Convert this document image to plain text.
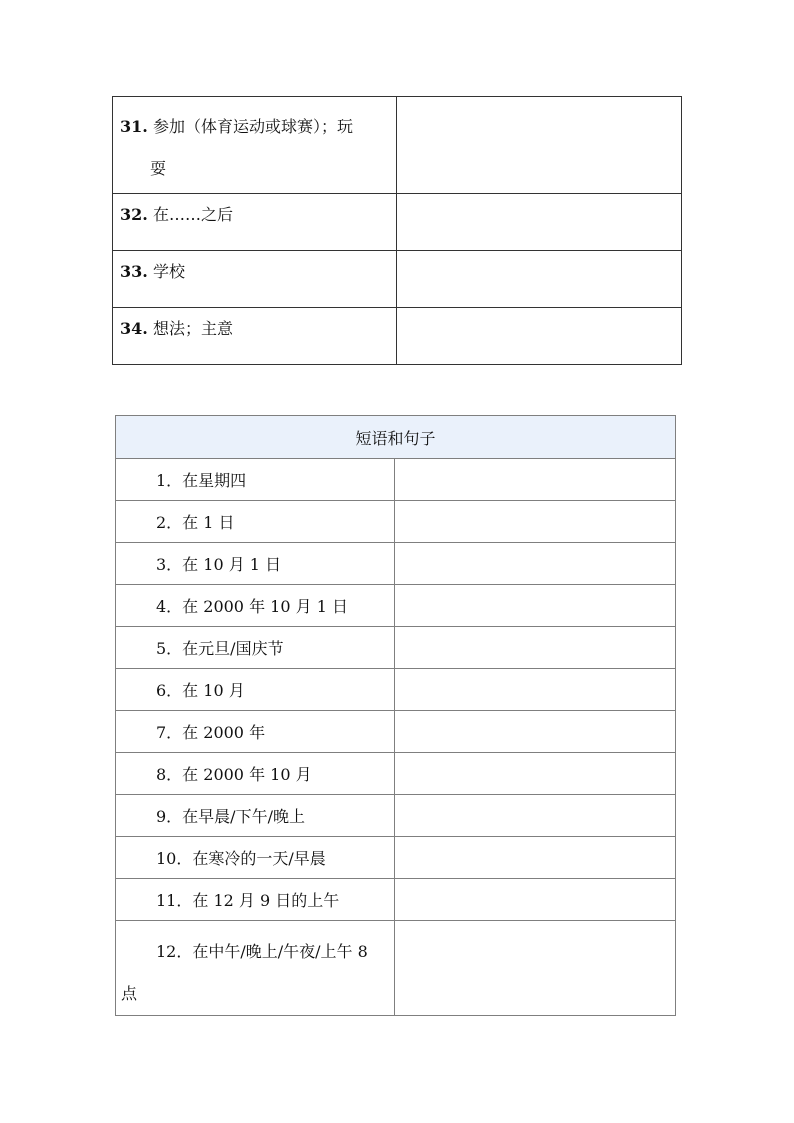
31. 参加（体育运动或球赛）；玩
耍	
32. 在……之后	
33. 学校	
34. 想法；主意	
短语和句子	
1．在星期四	
2．在 1 日	
3．在 10 月 1 日	
4．在 2000 年 10 月 1 日	
5．在元旦/国庆节	
6．在 10 月	
7．在 2000 年	
8．在 2000 年 10 月	
9．在早晨/下午/晚上	
10．在寒冷的一天/早晨	
11．在 12 月 9 日的上午	
12．在中午/晚上/午夜/上午 8 点	
